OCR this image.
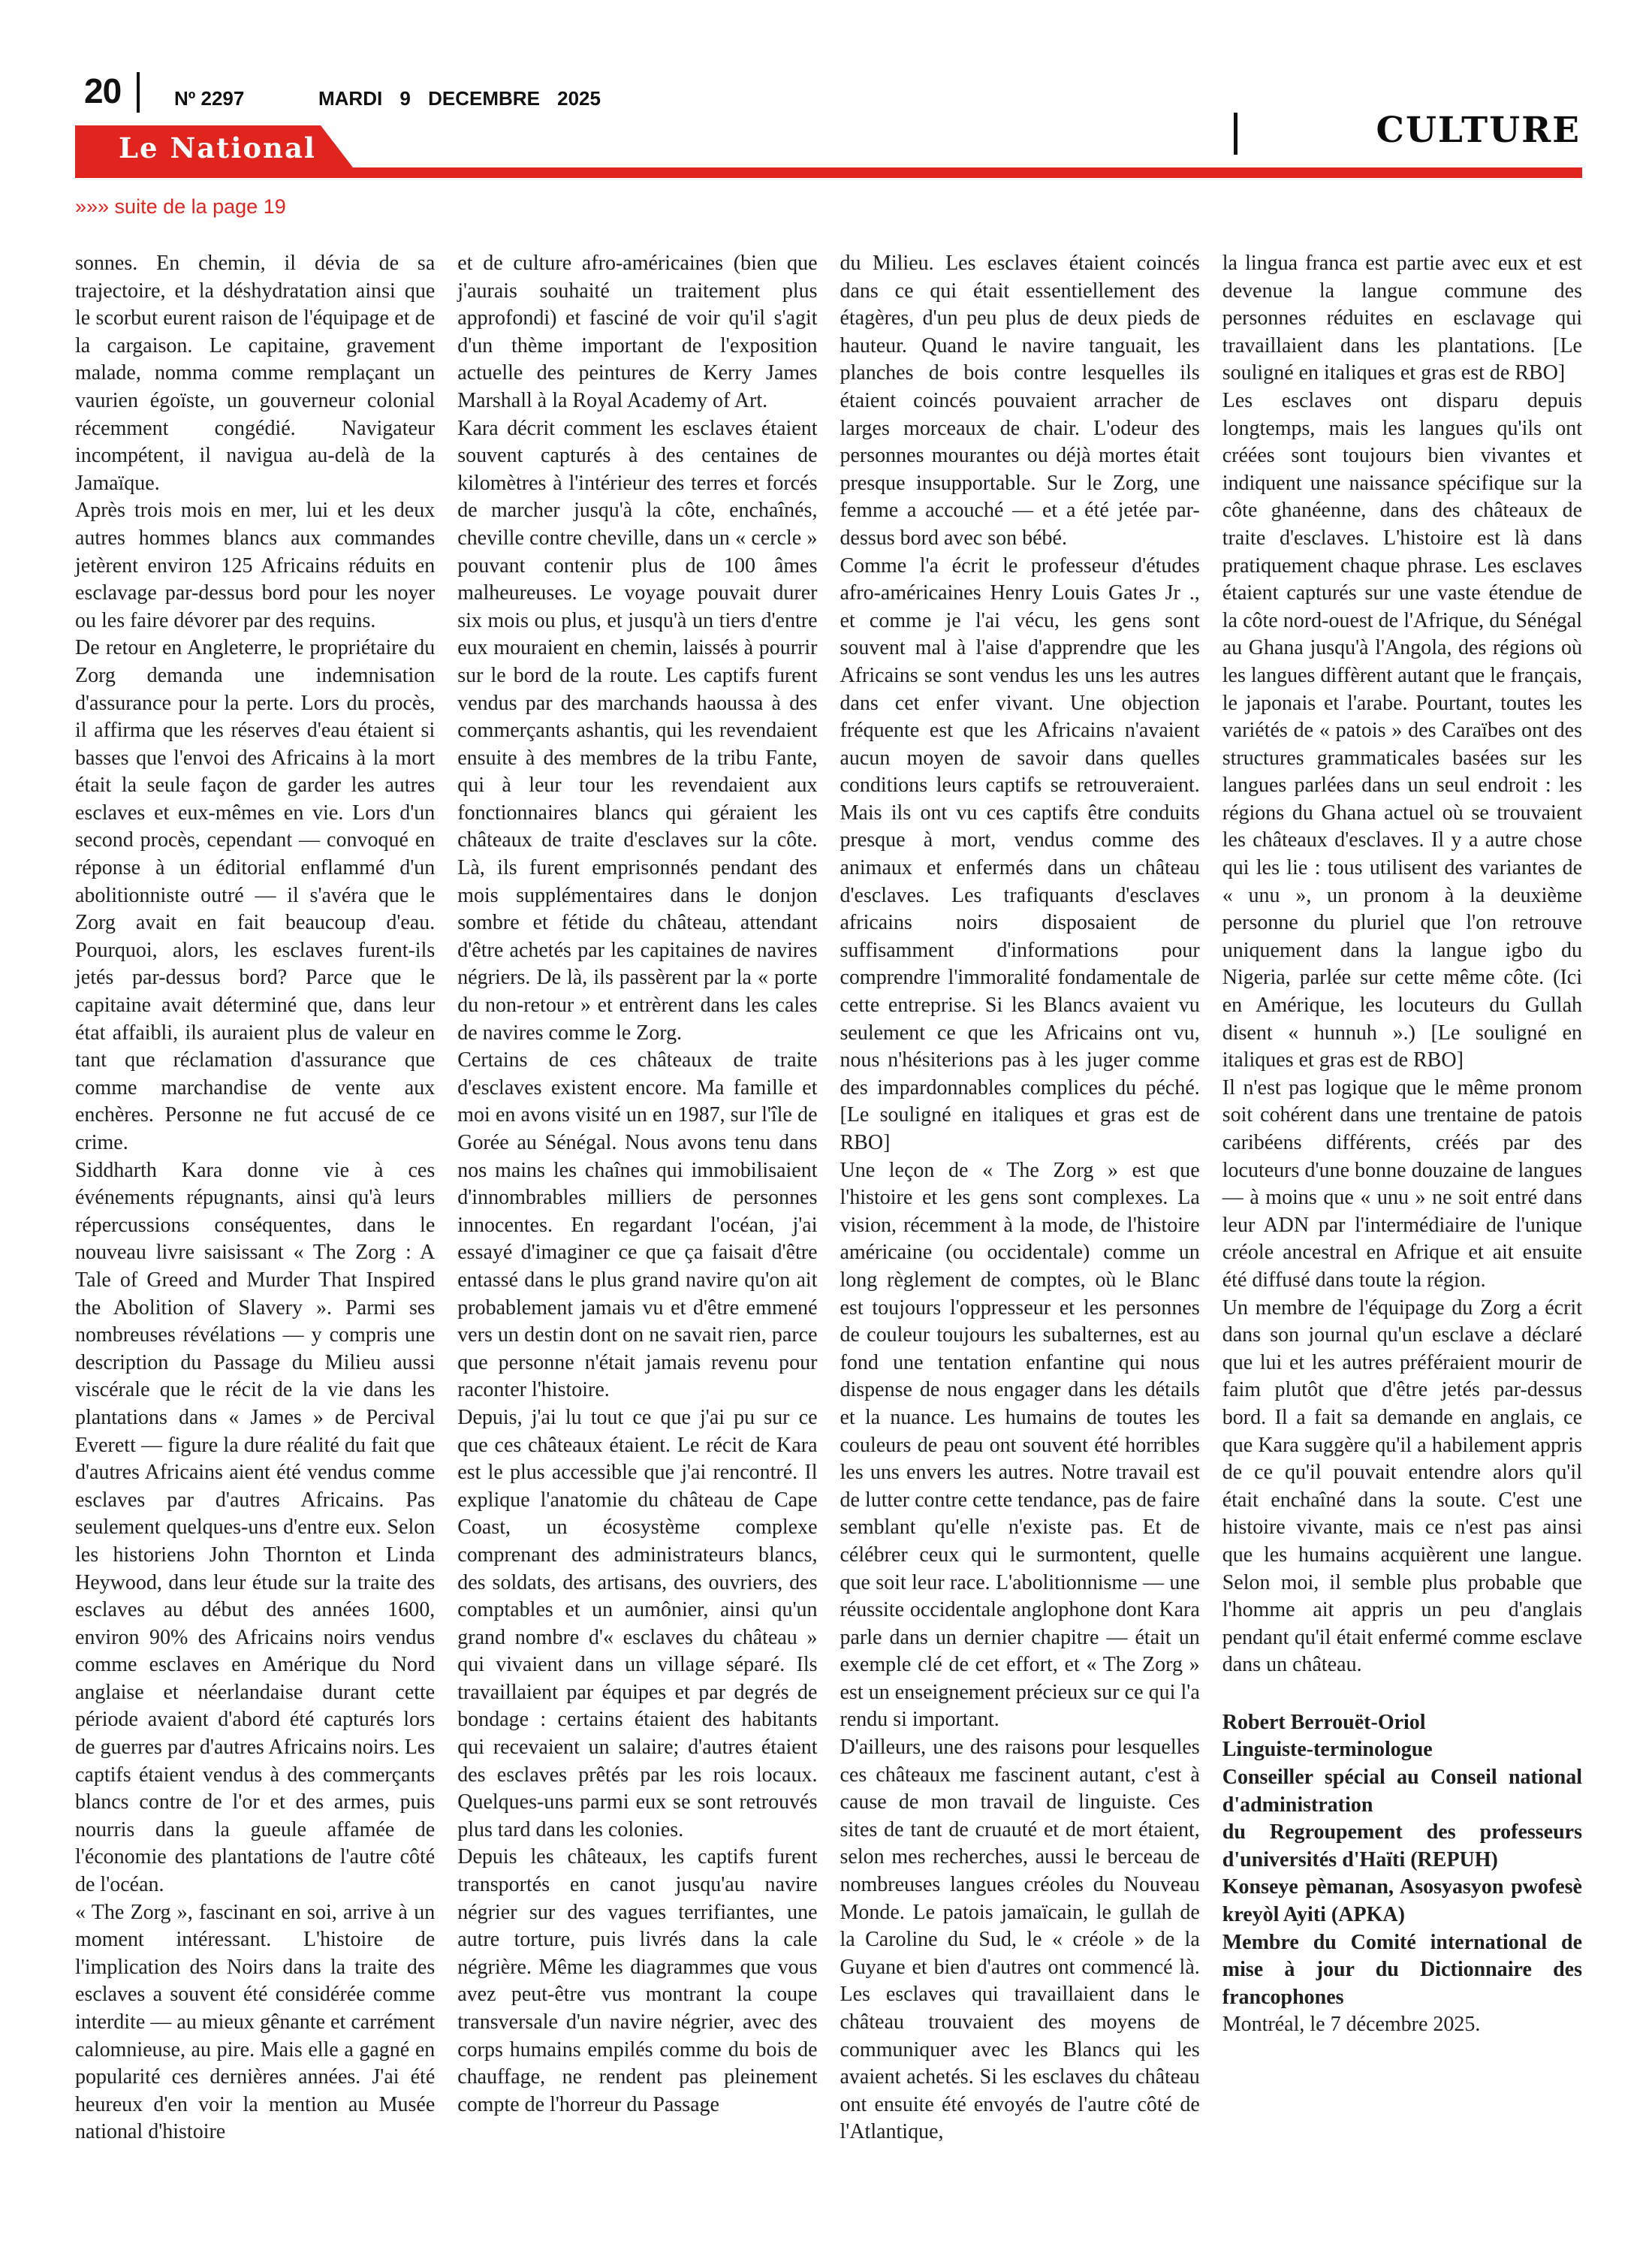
20	Nº 2297	MARDI 9 DECEMBRE 2025
CULTURE
Le National
»»» suite de la page 19

sonnes. En chemin, il dévia de sa trajectoire, et la déshydratation ainsi que le scorbut eurent raison de l'équipage et de la cargaison. Le capitaine, gravement malade, nomma comme remplaçant un vaurien égoïste, un gouverneur colonial récemment congédié. Navigateur incompétent, il navigua au-delà de la Jamaïque.

Après trois mois en mer, lui et les deux autres hommes blancs aux commandes jetèrent environ 125 Africains réduits en esclavage par-dessus bord pour les noyer ou les faire dévorer par des requins.

De retour en Angleterre, le propriétaire du Zorg demanda une indemnisation d'assurance pour la perte. Lors du procès, il affirma que les réserves d'eau étaient si basses que l'envoi des Africains à la mort était la seule façon de garder les autres esclaves et eux-mêmes en vie. Lors d'un second procès, cependant — convoqué en réponse à un éditorial enflammé d'un abolitionniste outré — il s'avéra que le Zorg avait en fait beaucoup d'eau. Pourquoi, alors, les esclaves furent-ils jetés par-dessus bord? Parce que le capitaine avait déterminé que, dans leur état affaibli, ils auraient plus de valeur en tant que réclamation d'assurance que comme marchandise de vente aux enchères. Personne ne fut accusé de ce crime.

Siddharth Kara donne vie à ces événements répugnants, ainsi qu'à leurs répercussions conséquentes, dans le nouveau livre saisissant « The Zorg : A Tale of Greed and Murder That Inspired the Abolition of Slavery ». Parmi ses nombreuses révélations — y compris une description du Passage du Milieu aussi viscérale que le récit de la vie dans les plantations dans « James » de Percival Everett — figure la dure réalité du fait que d'autres Africains aient été vendus comme esclaves par d'autres Africains. Pas seulement quelques-uns d'entre eux. Selon les historiens John Thornton et Linda Heywood, dans leur étude sur la traite des esclaves au début des années 1600, environ 90% des Africains noirs vendus comme esclaves en Amérique du Nord anglaise et néerlandaise durant cette période avaient d'abord été capturés lors de guerres par d'autres Africains noirs. Les captifs étaient vendus à des commerçants blancs contre de l'or et des armes, puis nourris dans la gueule affamée de l'économie des plantations de l'autre côté de l'océan.

« The Zorg », fascinant en soi, arrive à un moment intéressant. L'histoire de l'implication des Noirs dans la traite des esclaves a souvent été considérée comme interdite — au mieux gênante et carrément calomnieuse, au pire. Mais elle a gagné en popularité ces dernières années. J'ai été heureux d'en voir la mention au Musée national d'histoire

et de culture afro-américaines (bien que j'aurais souhaité un traitement plus approfondi) et fasciné de voir qu'il s'agit d'un thème important de l'exposition actuelle des peintures de Kerry James Marshall à la Royal Academy of Art.

Kara décrit comment les esclaves étaient souvent capturés à des centaines de kilomètres à l'intérieur des terres et forcés de marcher jusqu'à la côte, enchaînés, cheville contre cheville, dans un « cercle » pouvant contenir plus de 100 âmes malheureuses. Le voyage pouvait durer six mois ou plus, et jusqu'à un tiers d'entre eux mouraient en chemin, laissés à pourrir sur le bord de la route. Les captifs furent vendus par des marchands haoussa à des commerçants ashantis, qui les revendaient ensuite à des membres de la tribu Fante, qui à leur tour les revendaient aux fonctionnaires blancs qui géraient les châteaux de traite d'esclaves sur la côte. Là, ils furent emprisonnés pendant des mois supplémentaires dans le donjon sombre et fétide du château, attendant d'être achetés par les capitaines de navires négriers. De là, ils passèrent par la « porte du non-retour » et entrèrent dans les cales de navires comme le Zorg.

Certains de ces châteaux de traite d'esclaves existent encore. Ma famille et moi en avons visité un en 1987, sur l'île de Gorée au Sénégal. Nous avons tenu dans nos mains les chaînes qui immobilisaient d'innombrables milliers de personnes innocentes. En regardant l'océan, j'ai essayé d'imaginer ce que ça faisait d'être entassé dans le plus grand navire qu'on ait probablement jamais vu et d'être emmené vers un destin dont on ne savait rien, parce que personne n'était jamais revenu pour raconter l'histoire.

Depuis, j'ai lu tout ce que j'ai pu sur ce que ces châteaux étaient. Le récit de Kara est le plus accessible que j'ai rencontré. Il explique l'anatomie du château de Cape Coast, un écosystème complexe comprenant des administrateurs blancs, des soldats, des artisans, des ouvriers, des comptables et un aumônier, ainsi qu'un grand nombre d'« esclaves du château » qui vivaient dans un village séparé. Ils travaillaient par équipes et par degrés de bondage : certains étaient des habitants qui recevaient un salaire; d'autres étaient des esclaves prêtés par les rois locaux. Quelques-uns parmi eux se sont retrouvés plus tard dans les colonies.

Depuis les châteaux, les captifs furent transportés en canot jusqu'au navire négrier sur des vagues terrifiantes, une autre torture, puis livrés dans la cale négrière. Même les diagrammes que vous avez peut-être vus montrant la coupe transversale d'un navire négrier, avec des corps humains empilés comme du bois de chauffage, ne rendent pas pleinement compte de l'horreur du Passage

du Milieu. Les esclaves étaient coincés dans ce qui était essentiellement des étagères, d'un peu plus de deux pieds de hauteur. Quand le navire tanguait, les planches de bois contre lesquelles ils étaient coincés pouvaient arracher de larges morceaux de chair. L'odeur des personnes mourantes ou déjà mortes était presque insupportable. Sur le Zorg, une femme a accouché — et a été jetée par-dessus bord avec son bébé.

Comme l'a écrit le professeur d'études afro-américaines Henry Louis Gates Jr ., et comme je l'ai vécu, les gens sont souvent mal à l'aise d'apprendre que les Africains se sont vendus les uns les autres dans cet enfer vivant. Une objection fréquente est que les Africains n'avaient aucun moyen de savoir dans quelles conditions leurs captifs se retrouveraient. Mais ils ont vu ces captifs être conduits presque à mort, vendus comme des animaux et enfermés dans un château d'esclaves. Les trafiquants d'esclaves africains noirs disposaient de suffisamment d'informations pour comprendre l'immoralité fondamentale de cette entreprise. Si les Blancs avaient vu seulement ce que les Africains ont vu, nous n'hésiterions pas à les juger comme des impardonnables complices du péché. [Le souligné en italiques et gras est de RBO]

Une leçon de « The Zorg » est que l'histoire et les gens sont complexes. La vision, récemment à la mode, de l'histoire américaine (ou occidentale) comme un long règlement de comptes, où le Blanc est toujours l'oppresseur et les personnes de couleur toujours les subalternes, est au fond une tentation enfantine qui nous dispense de nous engager dans les détails et la nuance. Les humains de toutes les couleurs de peau ont souvent été horribles les uns envers les autres. Notre travail est de lutter contre cette tendance, pas de faire semblant qu'elle n'existe pas. Et de célébrer ceux qui le surmontent, quelle que soit leur race. L'abolitionnisme — une réussite occidentale anglophone dont Kara parle dans un dernier chapitre — était un exemple clé de cet effort, et « The Zorg » est un enseignement précieux sur ce qui l'a rendu si important.

D'ailleurs, une des raisons pour lesquelles ces châteaux me fascinent autant, c'est à cause de mon travail de linguiste. Ces sites de tant de cruauté et de mort étaient, selon mes recherches, aussi le berceau de nombreuses langues créoles du Nouveau Monde. Le patois jamaïcain, le gullah de la Caroline du Sud, le « créole » de la Guyane et bien d'autres ont commencé là. Les esclaves qui travaillaient dans le château trouvaient des moyens de communiquer avec les Blancs qui les avaient achetés. Si les esclaves du château ont ensuite été envoyés de l'autre côté de l'Atlantique,

la lingua franca est partie avec eux et est devenue la langue commune des personnes réduites en esclavage qui travaillaient dans les plantations. [Le souligné en italiques et gras est de RBO]

Les esclaves ont disparu depuis longtemps, mais les langues qu'ils ont créées sont toujours bien vivantes et indiquent une naissance spécifique sur la côte ghanéenne, dans des châteaux de traite d'esclaves. L'histoire est là dans pratiquement chaque phrase. Les esclaves étaient capturés sur une vaste étendue de la côte nord-ouest de l'Afrique, du Sénégal au Ghana jusqu'à l'Angola, des régions où les langues diffèrent autant que le français, le japonais et l'arabe. Pourtant, toutes les variétés de « patois » des Caraïbes ont des structures grammaticales basées sur les langues parlées dans un seul endroit : les régions du Ghana actuel où se trouvaient les châteaux d'esclaves. Il y a autre chose qui les lie : tous utilisent des variantes de « unu », un pronom à la deuxième personne du pluriel que l'on retrouve uniquement dans la langue igbo du Nigeria, parlée sur cette même côte. (Ici en Amérique, les locuteurs du Gullah disent « hunnuh ».) [Le souligné en italiques et gras est de RBO]

Il n'est pas logique que le même pronom soit cohérent dans une trentaine de patois caribéens différents, créés par des locuteurs d'une bonne douzaine de langues — à moins que « unu » ne soit entré dans leur ADN par l'intermédiaire de l'unique créole ancestral en Afrique et ait ensuite été diffusé dans toute la région.

Un membre de l'équipage du Zorg a écrit dans son journal qu'un esclave a déclaré que lui et les autres préféraient mourir de faim plutôt que d'être jetés par-dessus bord. Il a fait sa demande en anglais, ce que Kara suggère qu'il a habilement appris de ce qu'il pouvait entendre alors qu'il était enchaîné dans la soute. C'est une histoire vivante, mais ce n'est pas ainsi que les humains acquièrent une langue. Selon moi, il semble plus probable que l'homme ait appris un peu d'anglais pendant qu'il était enfermé comme esclave dans un château.

Robert Berrouët-Oriol

Linguiste-terminologue

Conseiller spécial au Conseil national d'administration

du Regroupement des professeurs d'universités d'Haïti (REPUH)

Konseye pèmanan, Asosyasyon pwofesè kreyòl Ayiti (APKA)

Membre du Comité international de mise à jour du Dictionnaire des francophones

Montréal, le 7 décembre 2025.
